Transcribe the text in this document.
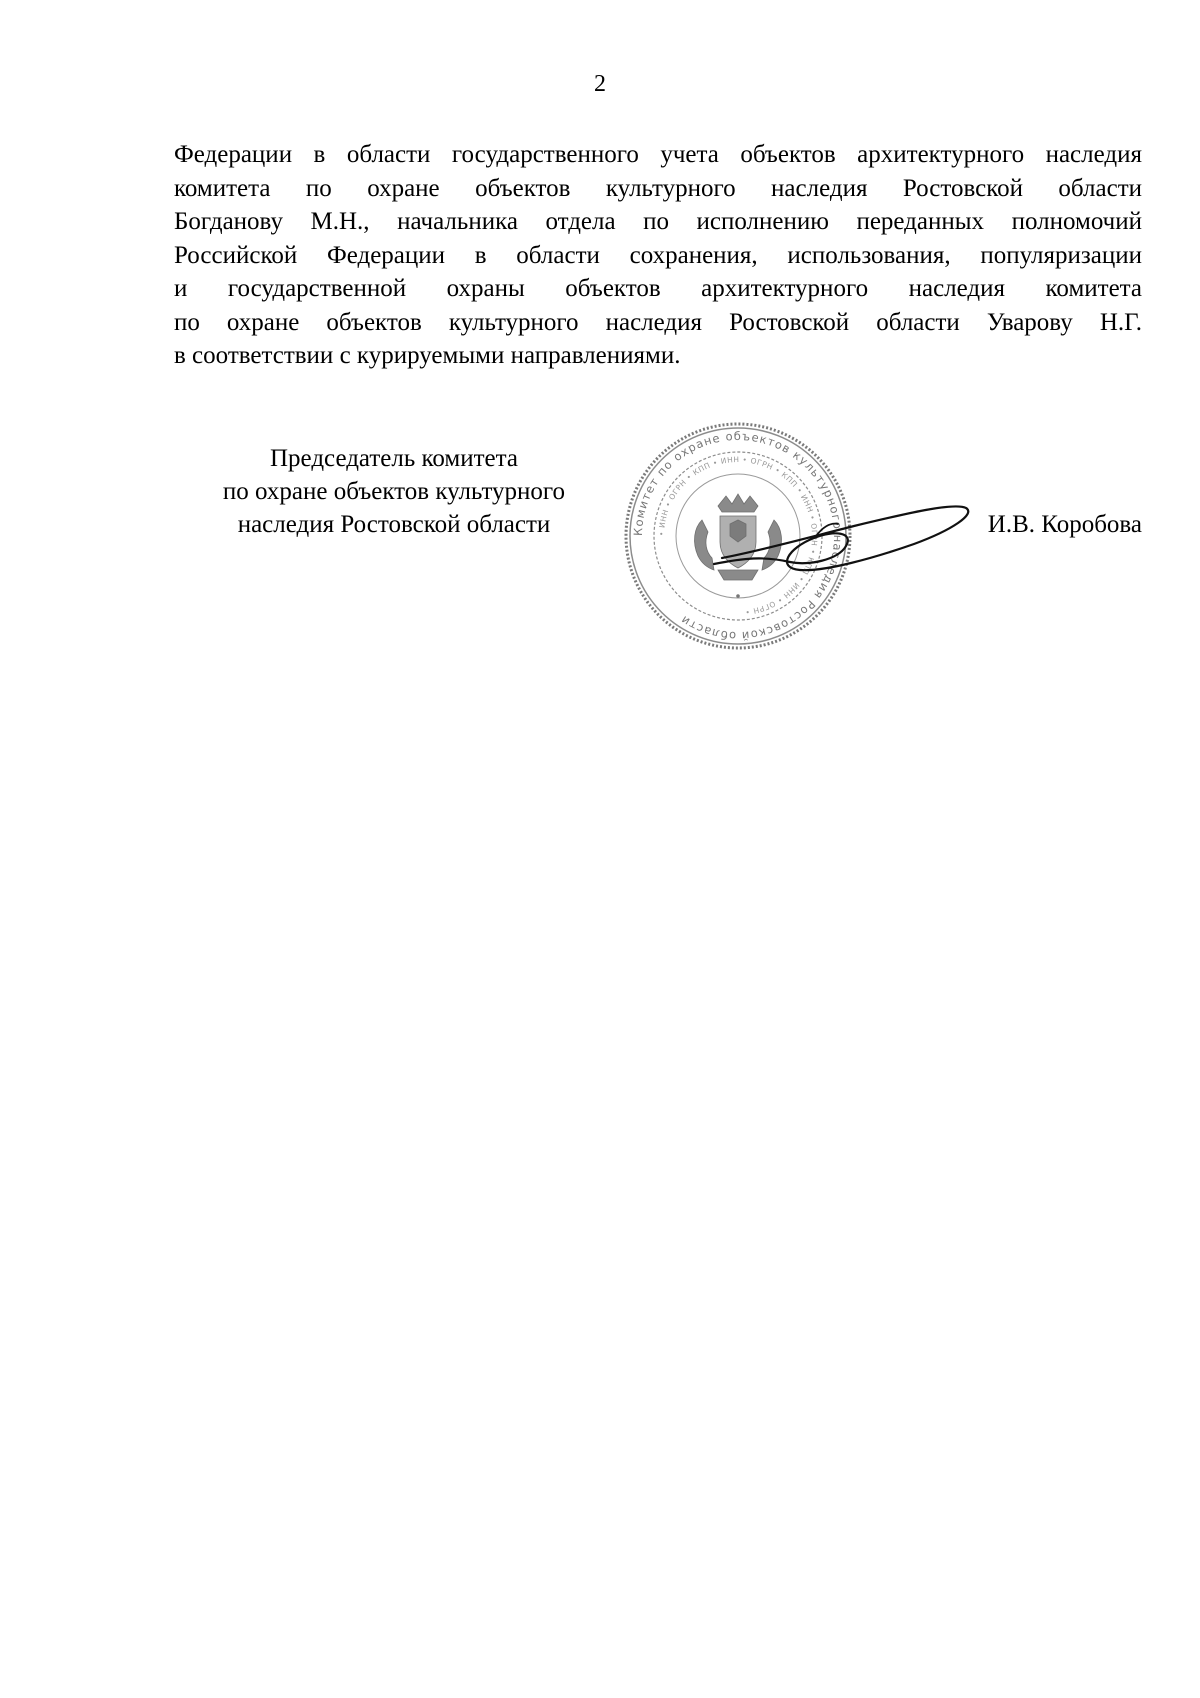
2
Федерации в области государственного учета объектов архитектурного наследия
комитета по охране объектов культурного наследия Ростовской области
Богданову М.Н., начальника отдела по исполнению переданных полномочий
Российской Федерации в области сохранения, использования, популяризации
и государственной охраны объектов архитектурного наследия комитета
по охране объектов культурного наследия Ростовской области Уварову Н.Г.
в соответствии с курируемыми направлениями.
Председатель комитета
по охране объектов культурного
наследия Ростовской области	Комитет по охране объектов культурного наследия Ростовской области
• ИНН • ОГРН • КПП • ИНН • ОГРН • КПП • ИНН • ОГРН • КПП • ИНН • ОГРН •
И.В. Коробова
